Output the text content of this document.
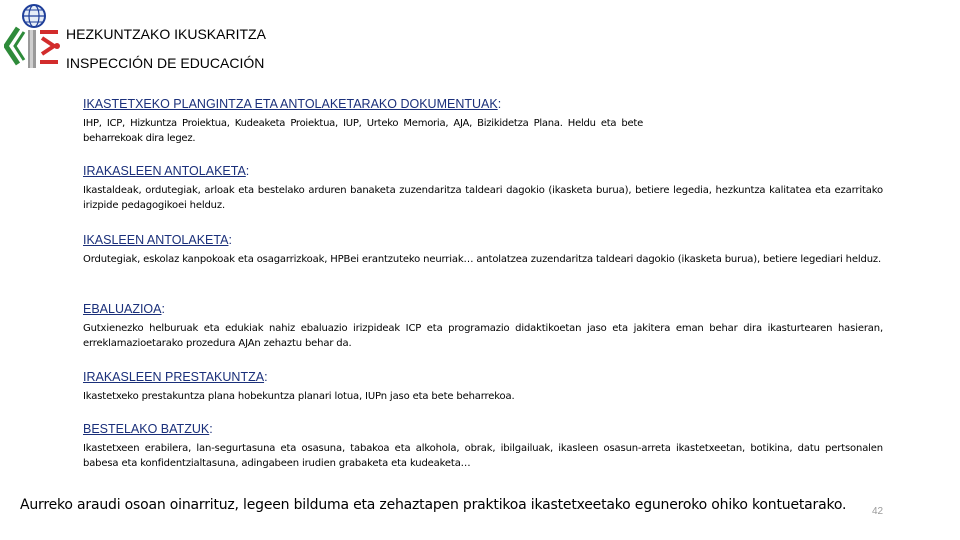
HEZKUNTZAKO IKUSKARITZA
INSPECCIÓN DE EDUCACIÓN
IKASTETXEKO PLANGINTZA ETA ANTOLAKETARAKO DOKUMENTUAK:
IHP, ICP, Hizkuntza Proiektua, Kudeaketa Proiektua, IUP, Urteko Memoria, AJA, Bizikidetza Plana. Heldu eta bete beharrekoak dira legez.
IRAKASLEEN ANTOLAKETA:
Ikastaldeak, ordutegiak, arloak eta bestelako arduren banaketa zuzendaritza taldeari dagokio (ikasketa burua), betiere legedia, hezkuntza kalitatea eta ezarritako irizpide pedagogikoei helduz.
IKASLEEN ANTOLAKETA:
Ordutegiak, eskolaz kanpokoak eta osagarrizkoak, HPBei erantzuteko neurriak… antolatzea zuzendaritza taldeari dagokio (ikasketa burua), betiere legediari helduz.
EBALUAZIOA:
Gutxienezko helburuak eta edukiak nahiz ebaluazio irizpideak ICP eta programazio didaktikoetan jaso eta jakitera eman behar dira ikasturtearen hasieran, erreklamazioetarako prozedura AJAn zehaztu behar da.
IRAKASLEEN PRESTAKUNTZA:
Ikastetxeko prestakuntza plana hobekuntza planari lotua, IUPn jaso eta bete beharrekoa.
BESTELAKO BATZUK:
Ikastetxeen erabilera, lan-segurtasuna eta osasuna, tabakoa eta alkohola, obrak, ibilgailuak, ikasleen osasun-arreta ikastetxeetan, botikina, datu pertsonalen babesa eta konfidentzialtasuna, adingabeen irudien grabaketa eta kudeaketa…
Aurreko araudi osoan oinarrituz, legeen bilduma eta zehaztapen praktikoa ikastetxeetako eguneroko ohiko kontuetarako.	42
